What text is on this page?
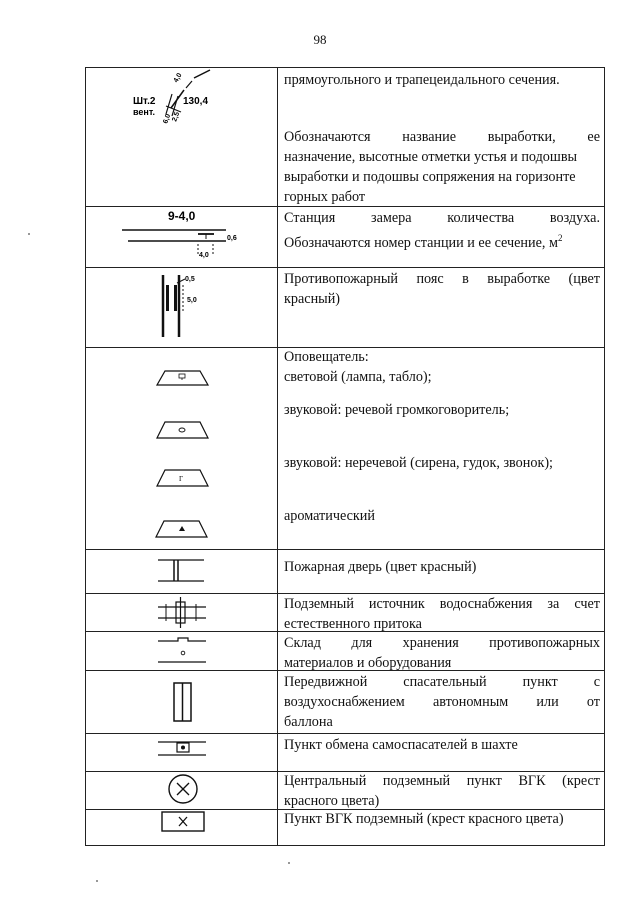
98
4,0
Шт.2
вент.
130,4
6,0 2,5
прямоугольного и трапецеидального сечения.
Обозначаются название выработки, ее
назначение, высотные отметки устья и подошвы
выработки и подошвы сопряжения на горизонте
горных работ
9-4,0
0,6
4,0
Станция замера количества воздуха.
Обозначаются номер станции и ее сечение, $м^2$
0,5
5,0
Противопожарный пояс в выработке (цвет
красный)
Г
Оповещатель:
световой (лампа, табло);
звуковой: речевой громкоговоритель;
звуковой: неречевой (сирена, гудок, звонок);
ароматический
Пожарная дверь (цвет красный)
Подземный источник водоснабжения за счет
естественного притока
Склад для хранения противопожарных
материалов и оборудования
Передвижной спасательный пункт с
воздухоснабжением автономным или от
баллона
Пункт обмена самоспасателей в шахте
Центральный подземный пункт ВГК (крест
красного цвета)
Пункт ВГК подземный (крест красного цвета)
